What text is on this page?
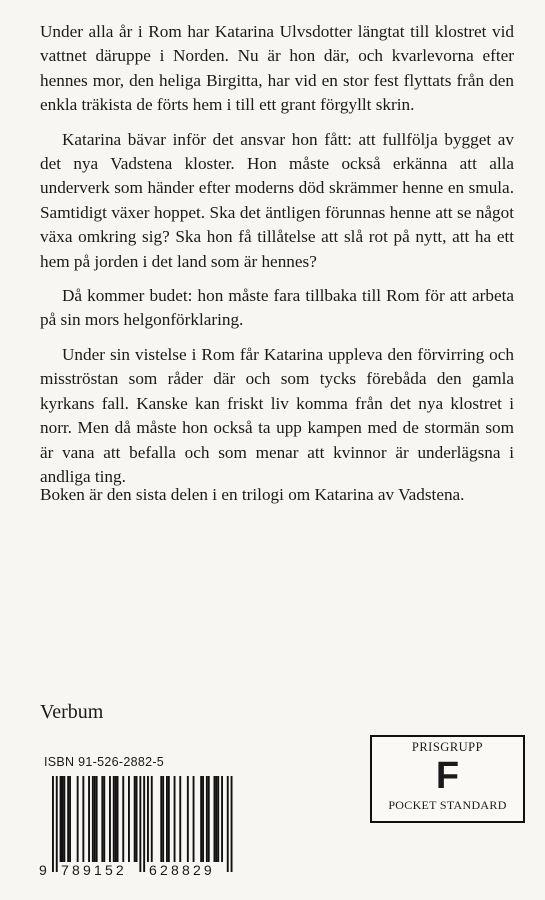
Under alla år i Rom har Katarina Ulvsdotter längtat till klostret vid vattnet däruppe i Norden. Nu är hon där, och kvarlevorna efter hennes mor, den heliga Birgitta, har vid en stor fest flyttats från den enkla träkista de förts hem i till ett grant förgyllt skrin.

Katarina bävar inför det ansvar hon fått: att fullfölja bygget av det nya Vadstena kloster. Hon måste också erkänna att alla underverk som händer efter moderns död skrämmer henne en smula. Samtidigt växer hoppet. Ska det äntligen förunnas henne att se något växa omkring sig? Ska hon få tillåtelse att slå rot på nytt, att ha ett hem på jorden i det land som är hennes?

Då kommer budet: hon måste fara tillbaka till Rom för att arbeta på sin mors helgonförklaring.

Under sin vistelse i Rom får Katarina uppleva den förvirring och misströstan som råder där och som tycks förebåda den gamla kyrkans fall. Kanske kan friskt liv komma från det nya klostret i norr. Men då måste hon också ta upp kampen med de stormän som är vana att befalla och som menar att kvinnor är underlägsna i andliga ting.

Boken är den sista delen i en trilogi om Katarina av Vadstena.

Verbum

ISBN 91-526-2882-5
9 789152 628829
PRISGRUPP
F
POCKET STANDARD
